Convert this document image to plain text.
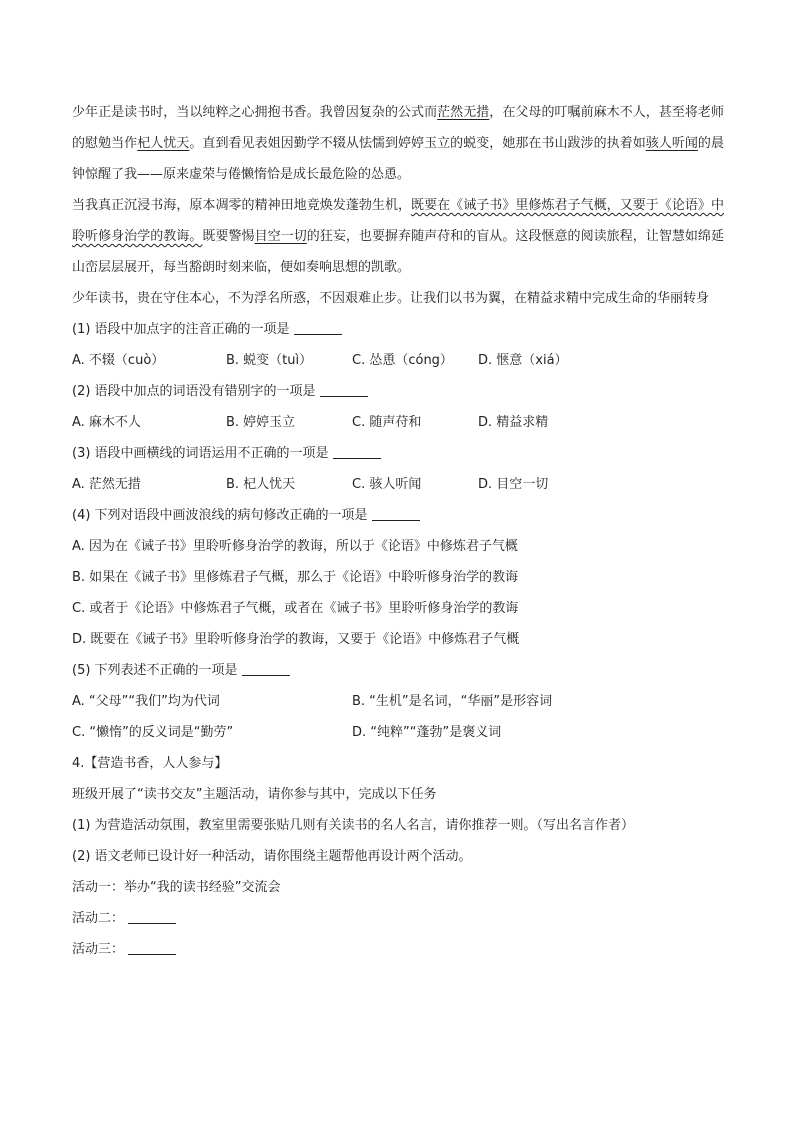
少年正是读书时，当以纯粹之心拥抱书香。我曾因复杂的公式而茫然无措，在父母的叮嘱前麻木不人，甚至将老师的慰勉当作杞人忧天。直到看见表姐因勤学不辍从怯懦到婷婷玉立的蜕变，她那在书山跋涉的执着如骇人听闻的晨钟惊醒了我——原来虚荣与倦懒惰恰是成长最危险的怂恿。

当我真正沉浸书海，原本凋零的精神田地竟焕发蓬勃生机，既要在《诫子书》里修炼君子气概，又要于《论语》中聆听修身治学的教诲。既要警惕目空一切的狂妄，也要摒弃随声苻和的盲从。这段惬意的阅读旅程，让智慧如绵延山峦层层展开，每当豁朗时刻来临，便如奏响思想的凯歌。

少年读书，贵在守住本心，不为浮名所惑，不因艰难止步。让我们以书为翼，在精益求精中完成生命的华丽转身

(1) 语段中加点字的注音正确的一项是

A. 不辍（cuò）	B. 蜕变（tuì）	C. 怂恿（cóng）	D. 惬意（xiá）

(2) 语段中加点的词语没有错别字的一项是

A. 麻木不人	B. 婷婷玉立	C. 随声苻和	D. 精益求精

(3) 语段中画横线的词语运用不正确的一项是

A. 茫然无措	B. 杞人忧天	C. 骇人听闻	D. 目空一切

(4) 下列对语段中画波浪线的病句修改正确的一项是

A. 因为在《诫子书》里聆听修身治学的教诲，所以于《论语》中修炼君子气概

B. 如果在《诫子书》里修炼君子气概，那么于《论语》中聆听修身治学的教诲

C. 或者于《论语》中修炼君子气概，或者在《诫子书》里聆听修身治学的教诲

D. 既要在《诫子书》里聆听修身治学的教诲，又要于《论语》中修炼君子气概

(5) 下列表述不正确的一项是

A. “父母”“我们”均为代词	B. “生机”是名词，“华丽”是形容词
C. “懒惰”的反义词是“勤劳”	D. “纯粹”“蓬勃”是褒义词

4.【营造书香，人人参与】

班级开展了“读书交友”主题活动，请你参与其中，完成以下任务

(1) 为营造活动氛围，教室里需要张贴几则有关读书的名人名言，请你推荐一则。（写出名言作者）

(2) 语文老师已设计好一种活动，请你围绕主题帮他再设计两个活动。

活动一：举办“我的读书经验”交流会

活动二：

活动三：
